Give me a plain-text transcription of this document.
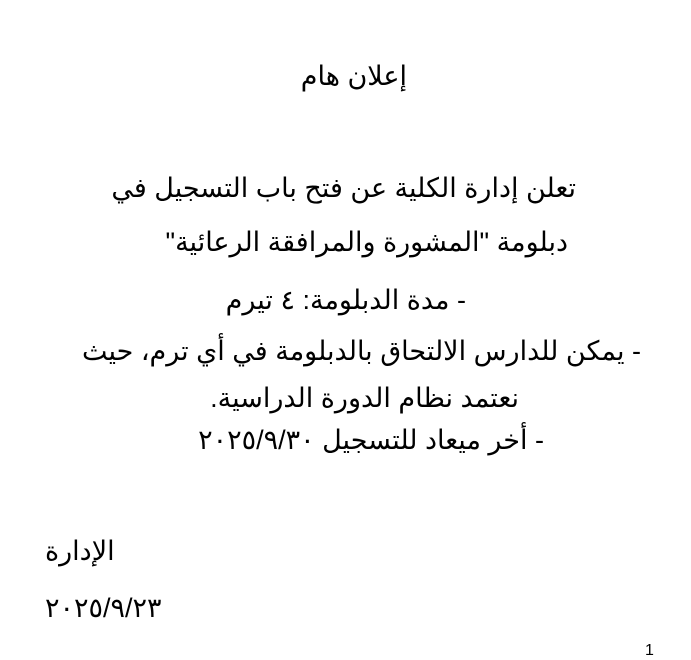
إعلان هام
تعلن إدارة الكلية عن فتح باب التسجيل في
دبلومة "المشورة والمرافقة الرعائية"
- مدة الدبلومة: ٤ تيرم
- يمكن للدارس الالتحاق بالدبلومة في أي ترم، حيث
نعتمد نظام الدورة الدراسية.
- أخر ميعاد للتسجيل ٢٠٢٥/٩/٣٠
الإدارة
٢٠٢٥/٩/٢٣
1
